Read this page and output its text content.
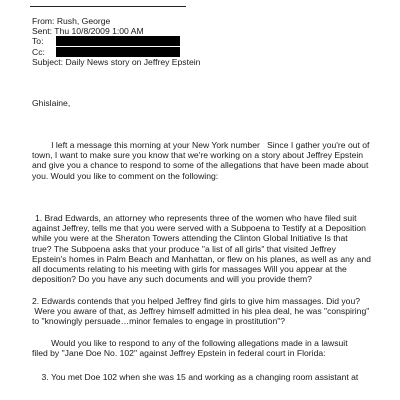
From: Rush, George
Sent: Thu 10/8/2009 1:00 AM
To:
Cc:
Subject: Daily News story on Jeffrey Epstein
Ghislaine,
I left a message this morning at your New York number   Since I gather you're out of
town, I want to make sure you know that we're working on a story about Jeffrey Epstein
and give you a chance to respond to some of the allegations that have been made about
you. Would you like to comment on the following:
1. Brad Edwards, an attorney who represents three of the women who have filed suit
against Jeffrey, tells me that you were served with a Subpoena to Testify at a Deposition
while you were at the Sheraton Towers attending the Clinton Global Initiative Is that
true? The Subpoena asks that your produce "a list of all girls" that visited Jeffrey
Epstein's homes in Palm Beach and Manhattan, or flew on his planes, as well as any and
all documents relating to his meeting with girls for massages Will you appear at the
deposition? Do you have any such documents and will you provide them?
2. Edwards contends that you helped Jeffrey find girls to give him massages. Did you?
Were you aware of that, as Jeffrey himself admitted in his plea deal, he was "conspiring"
to "knowingly persuade…minor females to engage in prostitution"?
Would you like to respond to any of the following allegations made in a lawsuit
filed by "Jane Doe No. 102" against Jeffrey Epstein in federal court in Florida:
3. You met Doe 102 when she was 15 and working as a changing room assistant at
